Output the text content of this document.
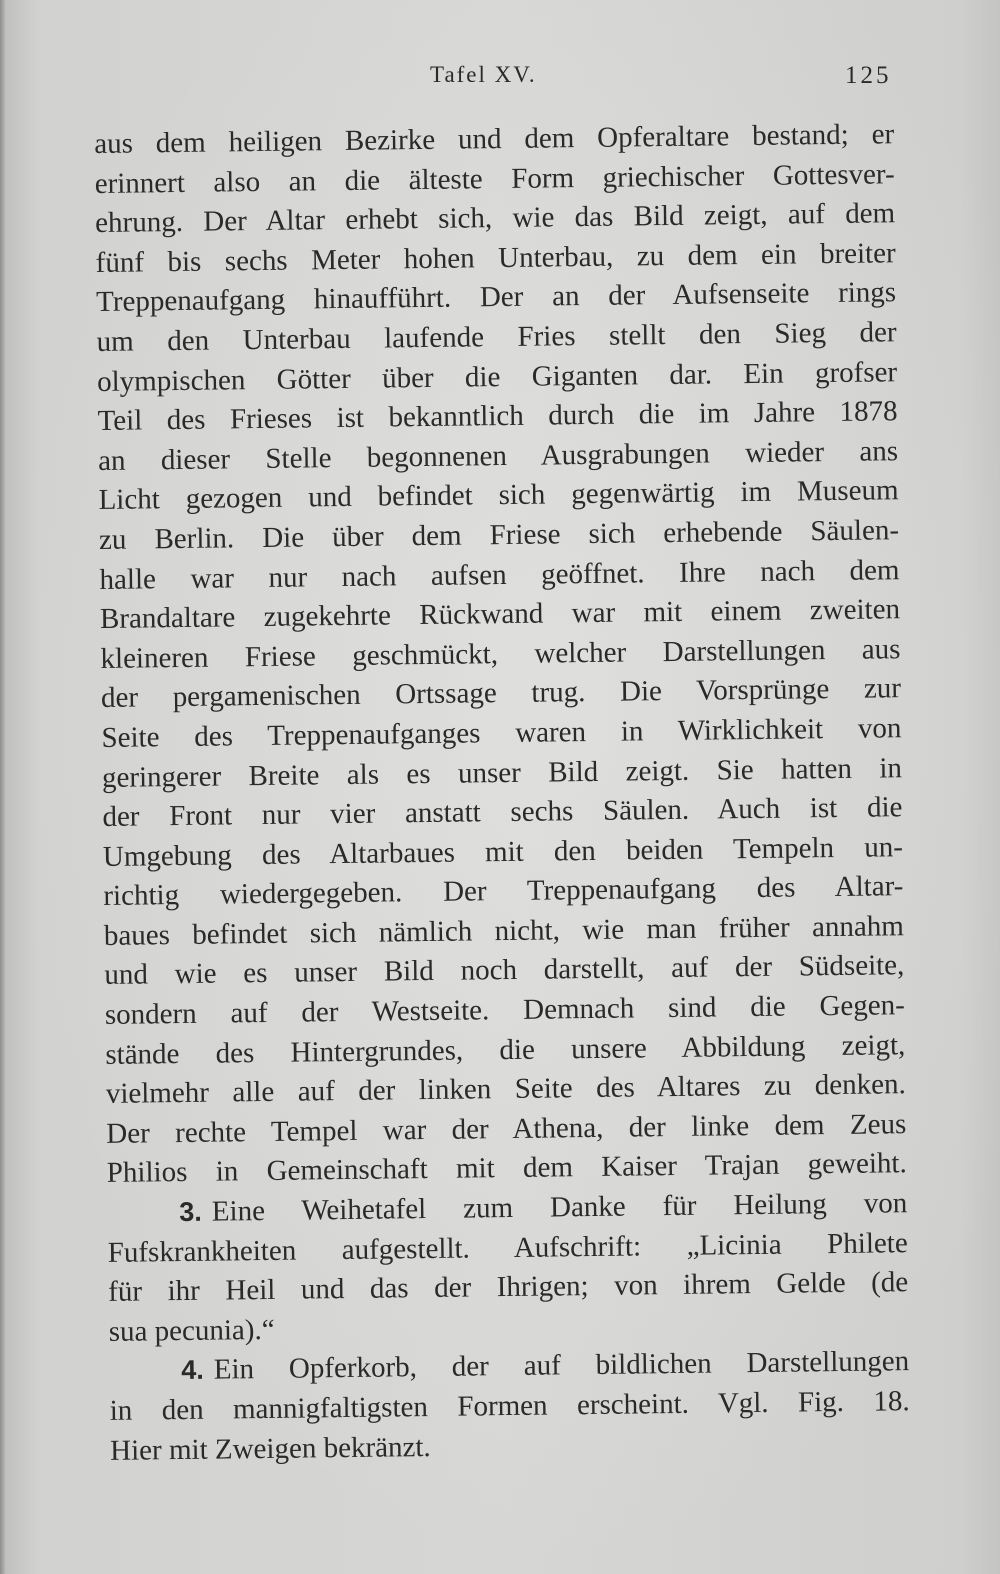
Tafel XV.	125
aus dem heiligen Bezirke und dem Opferaltare bestand; er
erinnert also an die älteste Form griechischer Gottesver-
ehrung. Der Altar erhebt sich, wie das Bild zeigt, auf dem
fünf bis sechs Meter hohen Unterbau, zu dem ein breiter
Treppenaufgang hinaufführt. Der an der Aufsenseite rings
um den Unterbau laufende Fries stellt den Sieg der
olympischen Götter über die Giganten dar. Ein grofser
Teil des Frieses ist bekanntlich durch die im Jahre 1878
an dieser Stelle begonnenen Ausgrabungen wieder ans
Licht gezogen und befindet sich gegenwärtig im Museum
zu Berlin. Die über dem Friese sich erhebende Säulen-
halle war nur nach aufsen geöffnet. Ihre nach dem
Brandaltare zugekehrte Rückwand war mit einem zweiten
kleineren Friese geschmückt, welcher Darstellungen aus
der pergamenischen Ortssage trug. Die Vorsprünge zur
Seite des Treppenaufganges waren in Wirklichkeit von
geringerer Breite als es unser Bild zeigt. Sie hatten in
der Front nur vier anstatt sechs Säulen. Auch ist die
Umgebung des Altarbaues mit den beiden Tempeln un-
richtig wiedergegeben. Der Treppenaufgang des Altar-
baues befindet sich nämlich nicht, wie man früher annahm
und wie es unser Bild noch darstellt, auf der Südseite,
sondern auf der Westseite. Demnach sind die Gegen-
stände des Hintergrundes, die unsere Abbildung zeigt,
vielmehr alle auf der linken Seite des Altares zu denken.
Der rechte Tempel war der Athena, der linke dem Zeus
Philios in Gemeinschaft mit dem Kaiser Trajan geweiht.
3. Eine Weihetafel zum Danke für Heilung von
Fufskrankheiten aufgestellt. Aufschrift: „Licinia Philete
für ihr Heil und das der Ihrigen; von ihrem Gelde (de
sua pecunia).“
4. Ein Opferkorb, der auf bildlichen Darstellungen
in den mannigfaltigsten Formen erscheint. Vgl. Fig. 18.
Hier mit Zweigen bekränzt.
